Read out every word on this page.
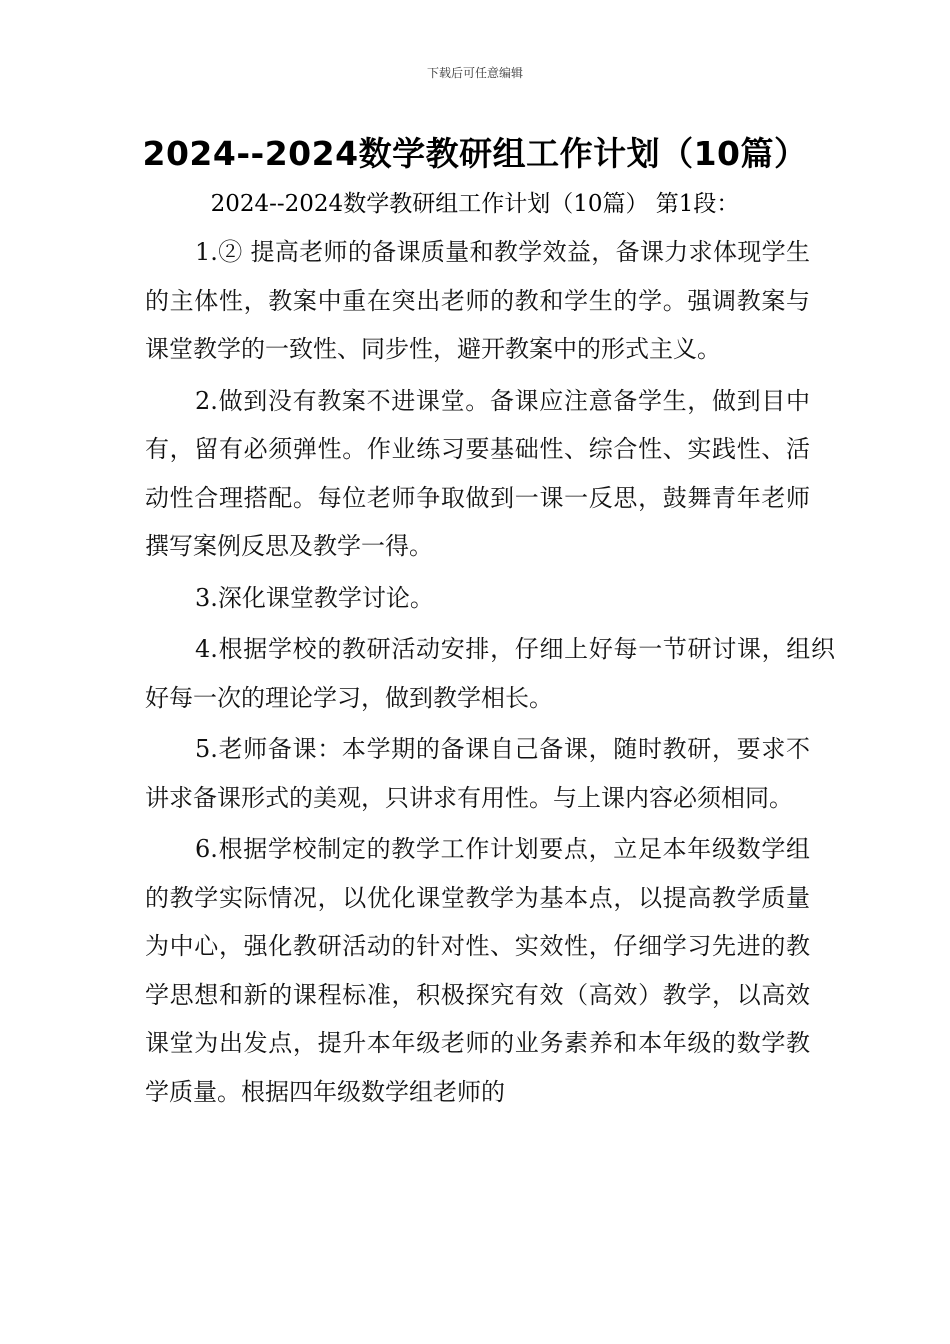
下载后可任意编辑
2024--2024数学教研组工作计划（10篇）
2024--2024数学教研组工作计划（10篇） 第1段：

1.② 提高老师的备课质量和教学效益，备课力求体现学生的主体性，教案中重在突出老师的教和学生的学。强调教案与课堂教学的一致性、同步性，避开教案中的形式主义。

2.做到没有教案不进课堂。备课应注意备学生，做到目中有，留有必须弹性。作业练习要基础性、综合性、实践性、活动性合理搭配。每位老师争取做到一课一反思，鼓舞青年老师撰写案例反思及教学一得。

3.深化课堂教学讨论。

4.根据学校的教研活动安排，仔细上好每一节研讨课，组织好每一次的理论学习，做到教学相长。

5.老师备课：本学期的备课自己备课，随时教研，要求不讲求备课形式的美观，只讲求有用性。与上课内容必须相同。

6.根据学校制定的教学工作计划要点，立足本年级数学组的教学实际情况，以优化课堂教学为基本点，以提高教学质量为中心，强化教研活动的针对性、实效性，仔细学习先进的教学思想和新的课程标准，积极探究有效（高效）教学，以高效课堂为出发点，提升本年级老师的业务素养和本年级的数学教学质量。根据四年级数学组老师的
